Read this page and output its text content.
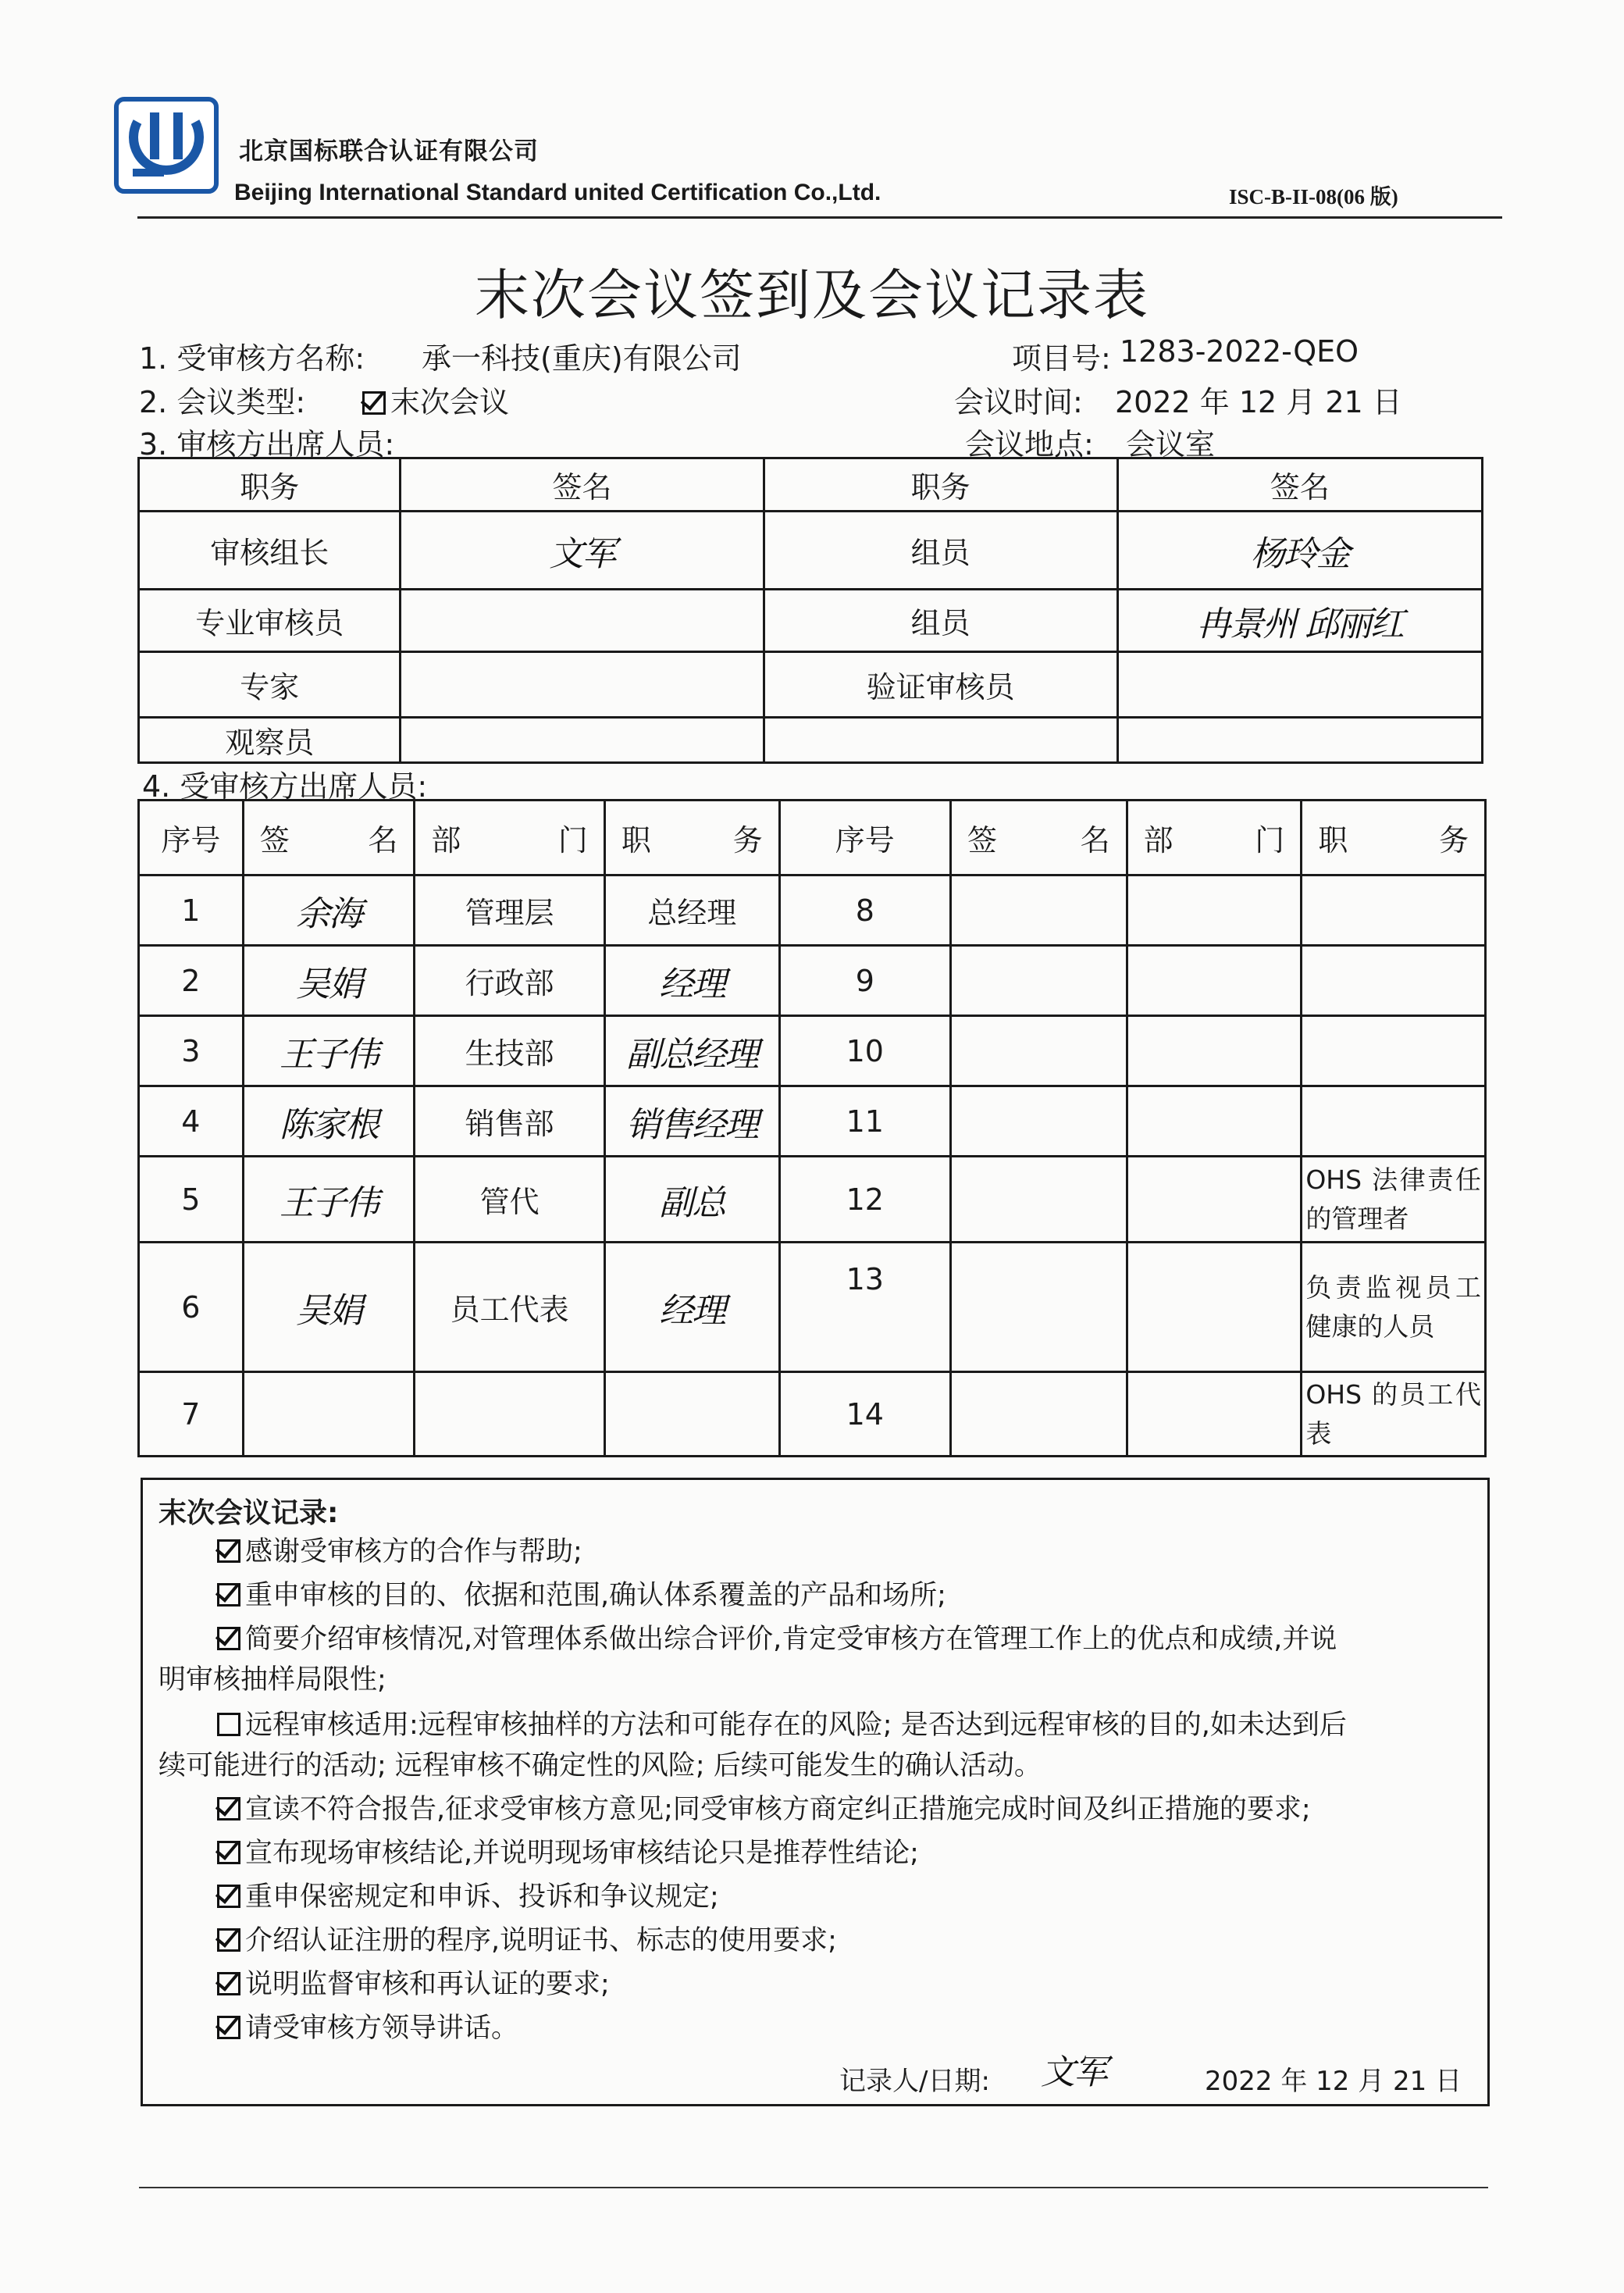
北京国标联合认证有限公司
Beijing International Standard united Certification Co.,Ltd.	ISC-B-II-08(06 版)
末次会议签到及会议记录表
1. 受审核方名称: 承一科技(重庆)有限公司	项目号: 1283-2022-QEO
2. 会议类型:	末次会议	会议时间: 2022 年 12 月 21 日
3. 审核方出席人员:	会议地点: 会议室
职务	签名	职务	签名
审核组长	文军	组员	杨玲金
专业审核员		组员	冉景州 邱丽红
专家		验证审核员	
观察员			
4. 受审核方出席人员:
序号	签　名	部　门	职　务	序号	签　名	部　门	职　务
1	余海	管理层	总经理	8			
2	吴娟	行政部	经理	9			
3	王子伟	生技部	副总经理	10			
4	陈家根	销售部	销售经理	11			
5	王子伟	管代	副总	12			OHS 法律责任的管理者
6	吴娟	员工代表	经理	13			负责监视员工健康的人员
7				14			OHS 的员工代表
末次会议记录:
感谢受审核方的合作与帮助;
重申审核的目的、依据和范围,确认体系覆盖的产品和场所;
简要介绍审核情况,对管理体系做出综合评价,肯定受审核方在管理工作上的优点和成绩,并说
明审核抽样局限性;
远程审核适用:远程审核抽样的方法和可能存在的风险; 是否达到远程审核的目的,如未达到后
续可能进行的活动; 远程审核不确定性的风险; 后续可能发生的确认活动。
宣读不符合报告,征求受审核方意见;同受审核方商定纠正措施完成时间及纠正措施的要求;
宣布现场审核结论,并说明现场审核结论只是推荐性结论;
重申保密规定和申诉、投诉和争议规定;
介绍认证注册的程序,说明证书、标志的使用要求;
说明监督审核和再认证的要求;
请受审核方领导讲话。
记录人/日期: 文军	2022 年 12 月 21 日
